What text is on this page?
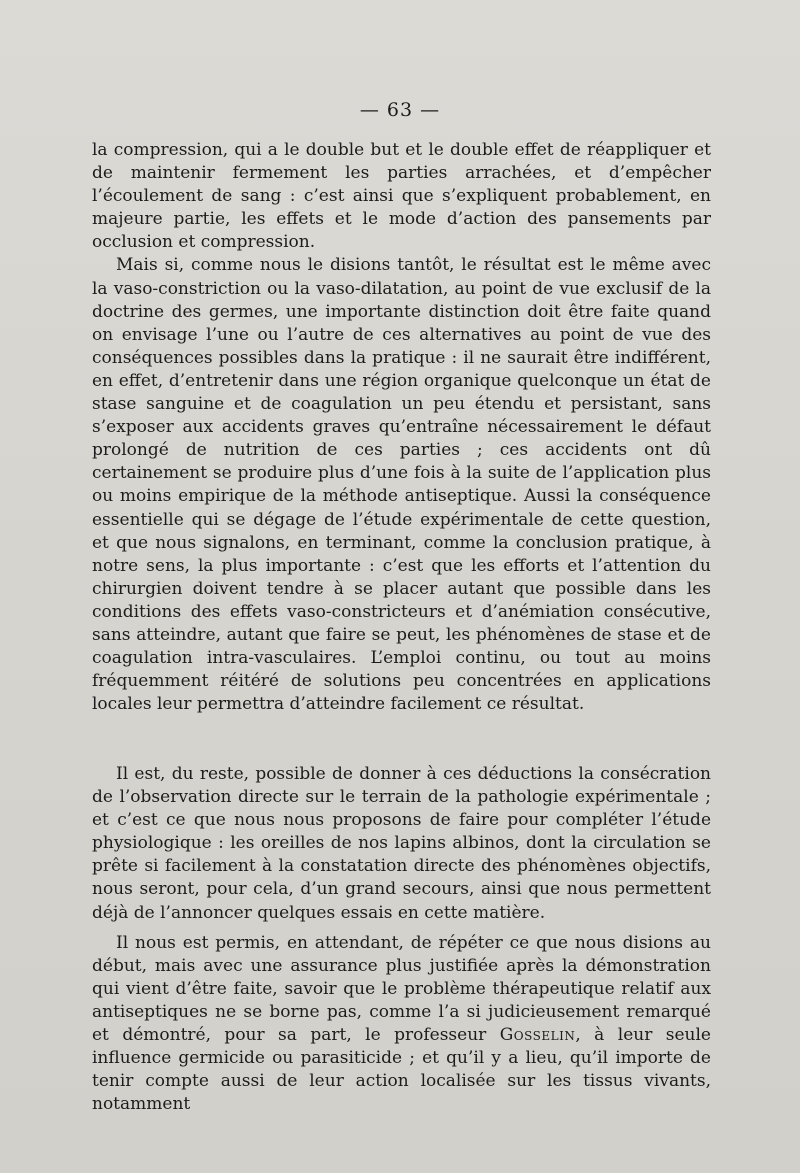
— 63 —

la compression, qui a le double but et le double effet de réappliquer et de maintenir fermement les parties arrachées, et d’empêcher l’écoulement de sang : c’est ainsi que s’expliquent probablement, en majeure partie, les effets et le mode d’action des pansements par occlusion et compression.

Mais si, comme nous le disions tantôt, le résultat est le même avec la vaso-constriction ou la vaso-dilatation, au point de vue exclusif de la doctrine des germes, une importante distinction doit être faite quand on envisage l’une ou l’autre de ces alternatives au point de vue des conséquences possibles dans la pratique : il ne saurait être indifférent, en effet, d’entretenir dans une région organique quelconque un état de stase sanguine et de coagulation un peu étendu et persistant, sans s’exposer aux accidents graves qu’entraîne nécessairement le défaut prolongé de nutrition de ces parties ; ces accidents ont dû certainement se produire plus d’une fois à la suite de l’application plus ou moins empirique de la méthode antiseptique. Aussi la conséquence essentielle qui se dégage de l’étude expérimentale de cette question, et que nous signalons, en terminant, comme la conclusion pratique, à notre sens, la plus importante : c’est que les efforts et l’attention du chirurgien doivent tendre à se placer autant que possible dans les conditions des effets vaso-constricteurs et d’anémiation consécutive, sans atteindre, autant que faire se peut, les phénomènes de stase et de coagulation intra-vasculaires. L’emploi continu, ou tout au moins fréquemment réitéré de solutions peu concentrées en applications locales leur permettra d’atteindre facilement ce résultat.

Il est, du reste, possible de donner à ces déductions la consécration de l’observation directe sur le terrain de la pathologie expérimentale ; et c’est ce que nous nous proposons de faire pour compléter l’étude physiologique : les oreilles de nos lapins albinos, dont la circulation se prête si facilement à la constatation directe des phénomènes objectifs, nous seront, pour cela, d’un grand secours, ainsi que nous permettent déjà de l’annoncer quelques essais en cette matière.

Il nous est permis, en attendant, de répéter ce que nous disions au début, mais avec une assurance plus justifiée après la démonstration qui vient d’être faite, savoir que le problème thérapeutique relatif aux antiseptiques ne se borne pas, comme l’a si judicieusement remarqué et démontré, pour sa part, le professeur Gosselin, à leur seule influence germicide ou parasiticide ; et qu’il y a lieu, qu’il importe de tenir compte aussi de leur action localisée sur les tissus vivants, notamment
